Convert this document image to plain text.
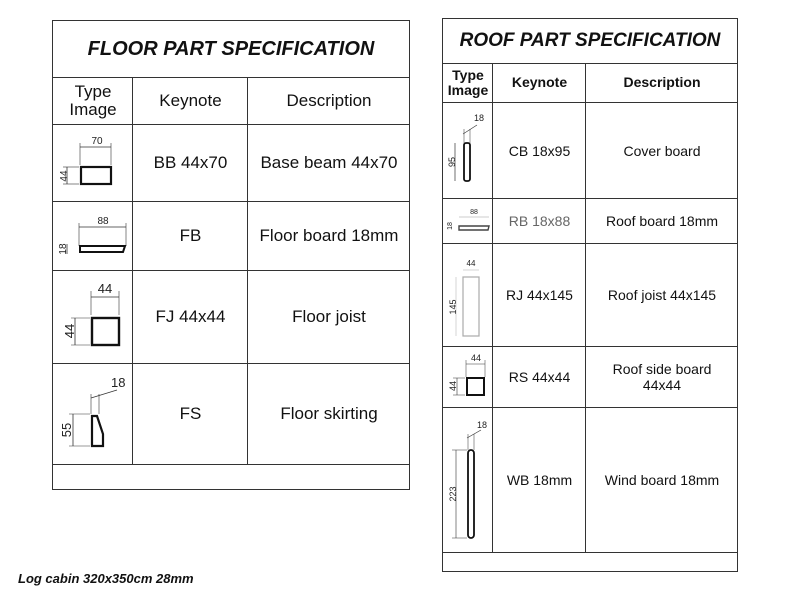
FLOOR PART SPECIFICATION
Type Image	Keynote	Description
70
44
BB 44x70	Base beam 44x70
88
18
FB	Floor board 18mm
44
44
FJ 44x44	Floor joist
18
55
FS	Floor skirting
ROOF PART SPECIFICATION
Type Image	Keynote	Description
18
95
CB 18x95	Cover board
88
18	RB 18x88	Roof board 18mm
44
145
RJ 44x145	Roof joist 44x145
44
44
RS 44x44	Roof side board 44x44
18
223
WB 18mm	Wind board 18mm
Log cabin 320x350cm 28mm
